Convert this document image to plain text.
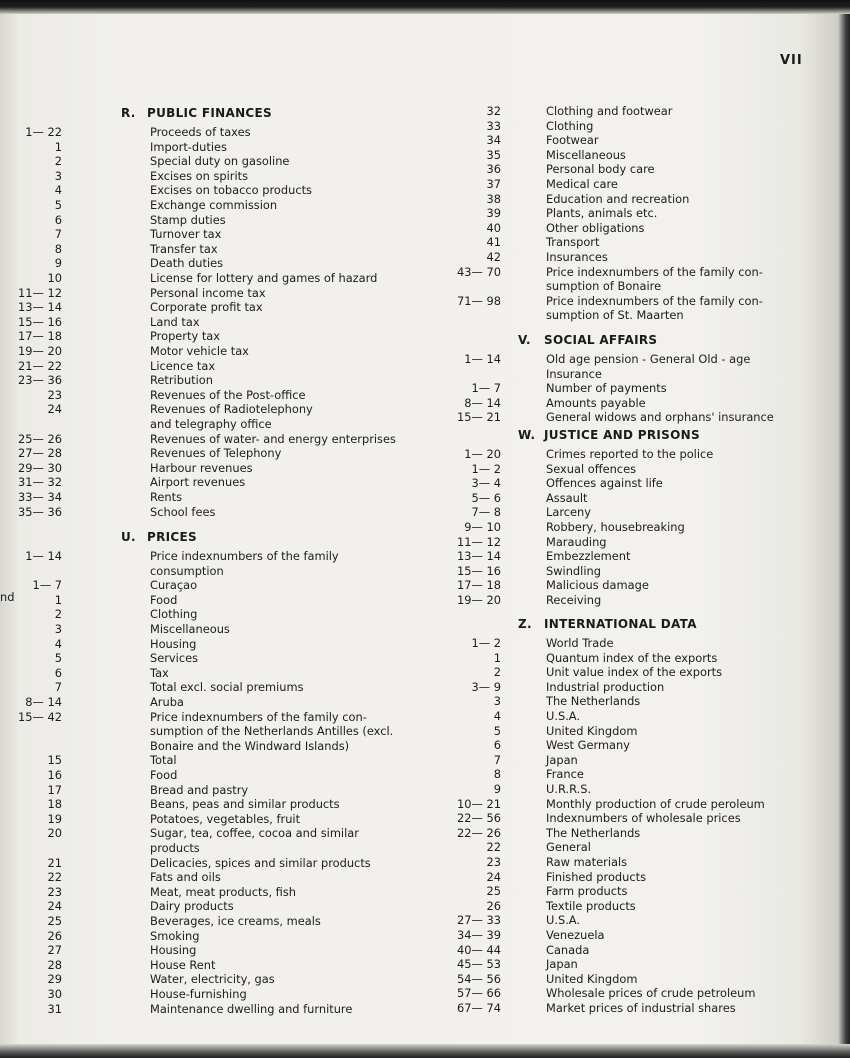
VII
nd
R. PUBLIC FINANCES
1— 22	Proceeds of taxes
1	Import-duties
2	Special duty on gasoline
3	Excises on spirits
4	Excises on tobacco products
5	Exchange commission
6	Stamp duties
7	Turnover tax
8	Transfer tax
9	Death duties
10	License for lottery and games of hazard
11— 12	Personal income tax
13— 14	Corporate profit tax
15— 16	Land tax
17— 18	Property tax
19— 20	Motor vehicle tax
21— 22	Licence tax
23— 36	Retribution
23	Revenues of the Post-office
24	Revenues of Radiotelephony
and telegraphy office
25— 26	Revenues of water- and energy enterprises
27— 28	Revenues of Telephony
29— 30	Harbour revenues
31— 32	Airport revenues
33— 34	Rents
35— 36	School fees
U. PRICES
1— 14	Price indexnumbers of the family
consumption
1— 7	Curaçao
1	Food
2	Clothing
3	Miscellaneous
4	Housing
5	Services
6	Tax
7	Total excl. social premiums
8— 14	Aruba
15— 42	Price indexnumbers of the family con-
sumption of the Netherlands Antilles (excl.
Bonaire and the Windward Islands)
15	Total
16	Food
17	Bread and pastry
18	Beans, peas and similar products
19	Potatoes, vegetables, fruit
20	Sugar, tea, coffee, cocoa and similar
products
21	Delicacies, spices and similar products
22	Fats and oils
23	Meat, meat products, fish
24	Dairy products
25	Beverages, ice creams, meals
26	Smoking
27	Housing
28	House Rent
29	Water, electricity, gas
30	House-furnishing
31	Maintenance dwelling and furniture
32	Clothing and footwear
33	Clothing
34	Footwear
35	Miscellaneous
36	Personal body care
37	Medical care
38	Education and recreation
39	Plants, animals etc.
40	Other obligations
41	Transport
42	Insurances
43— 70	Price indexnumbers of the family con-
sumption of Bonaire
71— 98	Price indexnumbers of the family con-
sumption of St. Maarten
V. SOCIAL AFFAIRS
1— 14	Old age pension - General Old - age
Insurance
1— 7	Number of payments
8— 14	Amounts payable
15— 21	General widows and orphans' insurance
W. JUSTICE AND PRISONS
1— 20	Crimes reported to the police
1— 2	Sexual offences
3— 4	Offences against life
5— 6	Assault
7— 8	Larceny
9— 10	Robbery, housebreaking
11— 12	Marauding
13— 14	Embezzlement
15— 16	Swindling
17— 18	Malicious damage
19— 20	Receiving
Z. INTERNATIONAL DATA
1— 2	World Trade
1	Quantum index of the exports
2	Unit value index of the exports
3— 9	Industrial production
3	The Netherlands
4	U.S.A.
5	United Kingdom
6	West Germany
7	Japan
8	France
9	U.R.R.S.
10— 21	Monthly production of crude peroleum
22— 56	Indexnumbers of wholesale prices
22— 26	The Netherlands
22	General
23	Raw materials
24	Finished products
25	Farm products
26	Textile products
27— 33	U.S.A.
34— 39	Venezuela
40— 44	Canada
45— 53	Japan
54— 56	United Kingdom
57— 66	Wholesale prices of crude petroleum
67— 74	Market prices of industrial shares
